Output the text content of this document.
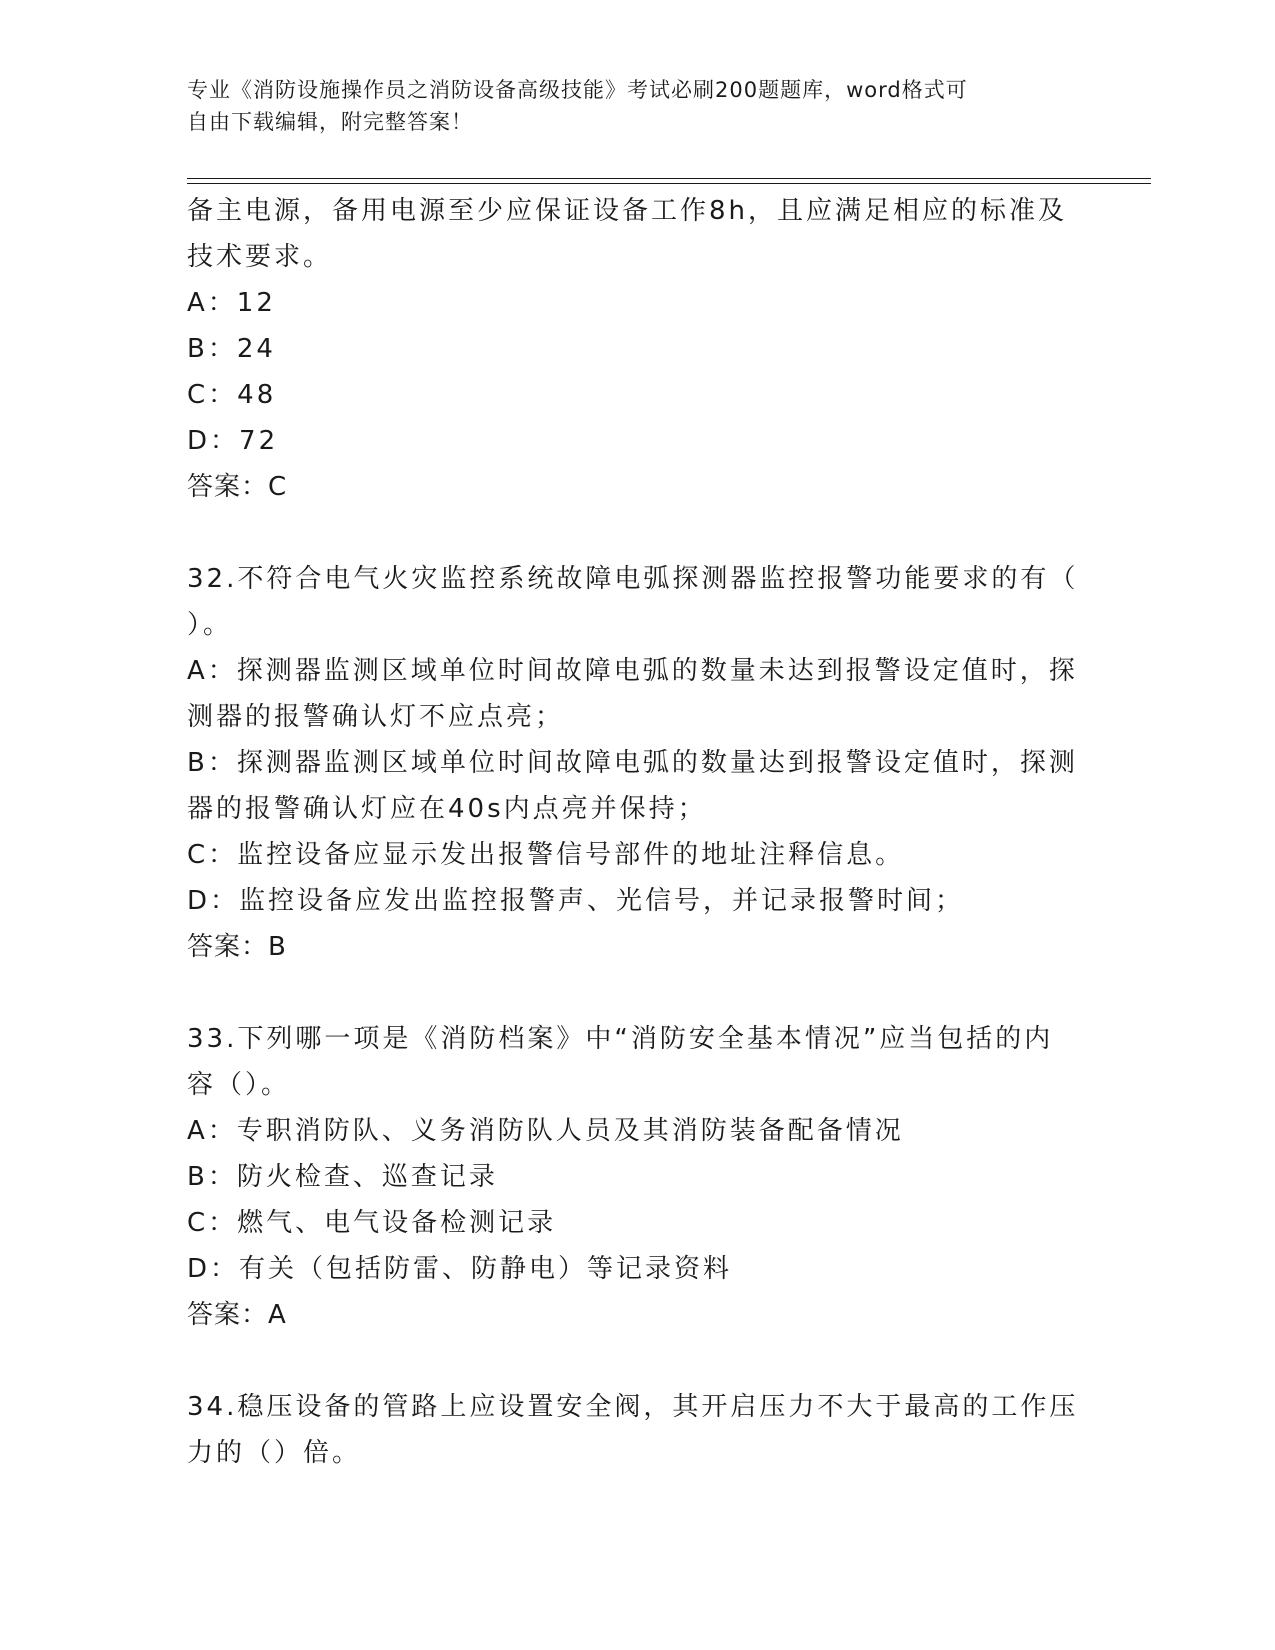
专业《消防设施操作员之消防设备高级技能》考试必刷200题题库，word格式可
自由下载编辑，附完整答案！
备主电源，备用电源至少应保证设备工作8h，且应满足相应的标准及
技术要求。
A：12
B：24
C：48
D：72
答案：C
32.不符合电气火灾监控系统故障电弧探测器监控报警功能要求的有（
）。
A：探测器监测区域单位时间故障电弧的数量未达到报警设定值时，探
测器的报警确认灯不应点亮；
B：探测器监测区域单位时间故障电弧的数量达到报警设定值时，探测
器的报警确认灯应在40s内点亮并保持；
C：监控设备应显示发出报警信号部件的地址注释信息。
D：监控设备应发出监控报警声、光信号，并记录报警时间；
答案：B
33.下列哪一项是《消防档案》中“消防安全基本情况”应当包括的内
容（）。
A：专职消防队、义务消防队人员及其消防装备配备情况
B：防火检查、巡查记录
C：燃气、电气设备检测记录
D：有关（包括防雷、防静电）等记录资料
答案：A
34.稳压设备的管路上应设置安全阀，其开启压力不大于最高的工作压
力的（）倍。
